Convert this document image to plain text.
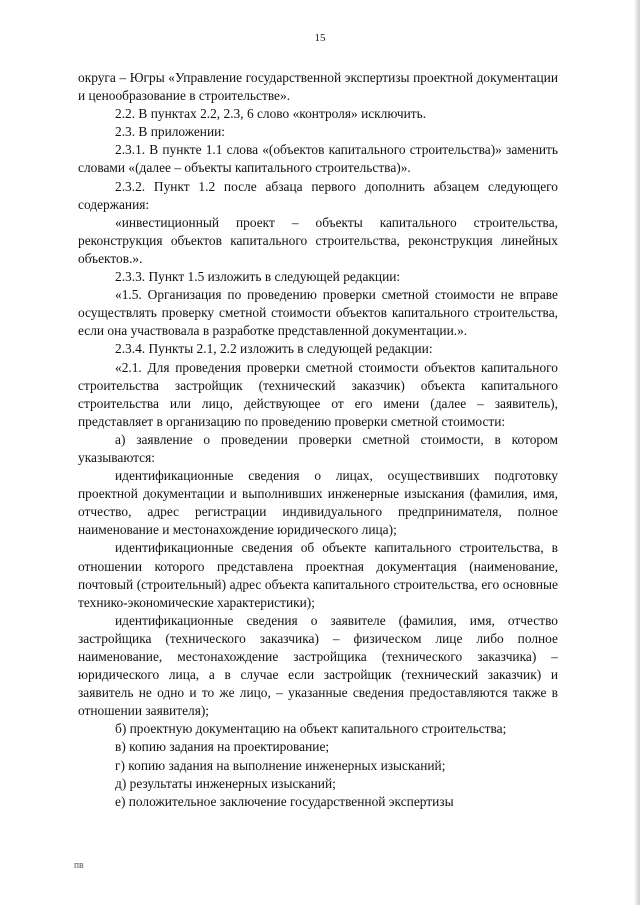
15

округа – Югры «Управление государственной экспертизы проектной документации и ценообразование в строительстве».

2.2. В пунктах 2.2, 2.3, 6 слово «контроля» исключить.

2.3. В приложении:

2.3.1. В пункте 1.1 слова «(объектов капитального строительства)» заменить словами «(далее – объекты капитального строительства)».

2.3.2. Пункт 1.2 после абзаца первого дополнить абзацем следующего содержания:

«инвестиционный проект – объекты капитального строительства, реконструкция объектов капитального строительства, реконструкция линейных объектов.».

2.3.3. Пункт 1.5 изложить в следующей редакции:

«1.5. Организация по проведению проверки сметной стоимости не вправе осуществлять проверку сметной стоимости объектов капитального строительства, если она участвовала в разработке представленной документации.».

2.3.4. Пункты 2.1, 2.2 изложить в следующей редакции:

«2.1. Для проведения проверки сметной стоимости объектов капитального строительства застройщик (технический заказчик) объекта капитального строительства или лицо, действующее от его имени (далее – заявитель), представляет в организацию по проведению проверки сметной стоимости:

а) заявление о проведении проверки сметной стоимости, в котором указываются:

идентификационные сведения о лицах, осуществивших подготовку проектной документации и выполнивших инженерные изыскания (фамилия, имя, отчество, адрес регистрации индивидуального предпринимателя, полное наименование и местонахождение юридического лица);

идентификационные сведения об объекте капитального строительства, в отношении которого представлена проектная документация (наименование, почтовый (строительный) адрес объекта капитального строительства, его основные технико-экономические характеристики);

идентификационные сведения о заявителе (фамилия, имя, отчество застройщика (технического заказчика) – физическом лице либо полное наименование, местонахождение застройщика (технического заказчика) – юридического лица, а в случае если застройщик (технический заказчик) и заявитель не одно и то же лицо, – указанные сведения предоставляются также в отношении заявителя);

б) проектную документацию на объект капитального строительства;

в) копию задания на проектирование;

г) копию задания на выполнение инженерных изысканий;

д) результаты инженерных изысканий;

е) положительное заключение государственной экспертизы

ПВ
